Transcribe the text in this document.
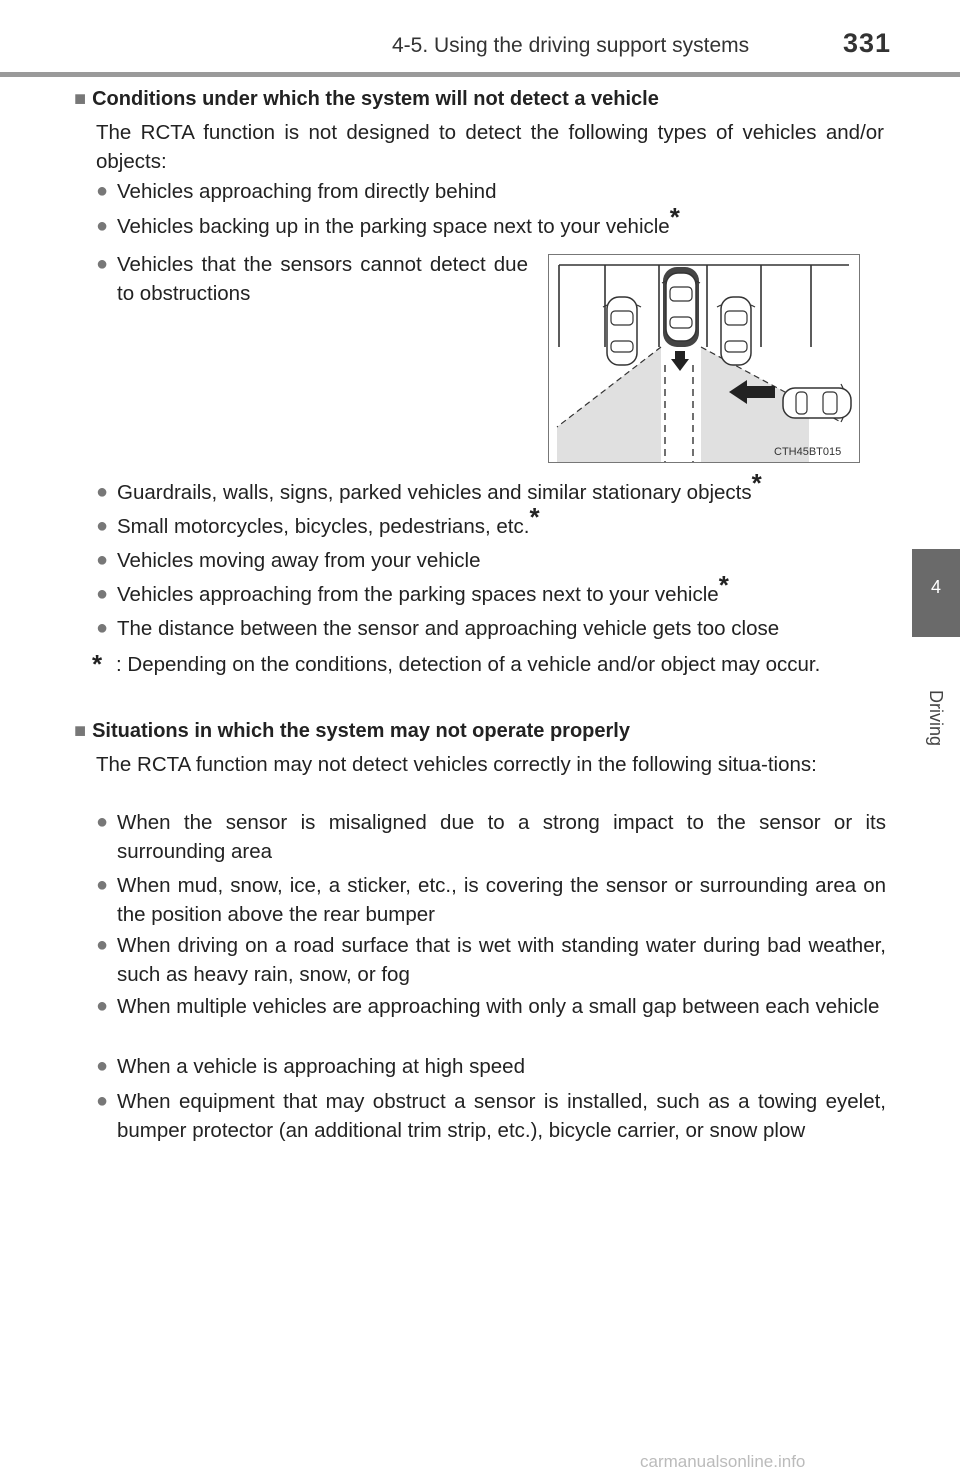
4-5. Using the driving support systems	331
4
Driving
■ Conditions under which the system will not detect a vehicle
The RCTA function is not designed to detect the following types of vehicles and/or objects:
● Vehicles approaching from directly behind
● Vehicles backing up in the parking space next to your vehicle*
● Vehicles that the sensors cannot detect due to obstructions
CTH45BT015
● Guardrails, walls, signs, parked vehicles and similar stationary objects*
● Small motorcycles, bicycles, pedestrians, etc.*
● Vehicles moving away from your vehicle
● Vehicles approaching from the parking spaces next to your vehicle*
● The distance between the sensor and approaching vehicle gets too close
* : Depending on the conditions, detection of a vehicle and/or object may occur.
■ Situations in which the system may not operate properly
The RCTA function may not detect vehicles correctly in the following situa-tions:
● When the sensor is misaligned due to a strong impact to the sensor or its surrounding area
● When mud, snow, ice, a sticker, etc., is covering the sensor or surrounding area on the position above the rear bumper
● When driving on a road surface that is wet with standing water during bad weather, such as heavy rain, snow, or fog
● When multiple vehicles are approaching with only a small gap between each vehicle
● When a vehicle is approaching at high speed
● When equipment that may obstruct a sensor is installed, such as a towing eyelet, bumper protector (an additional trim strip, etc.), bicycle carrier, or snow plow
carmanualsonline.info
